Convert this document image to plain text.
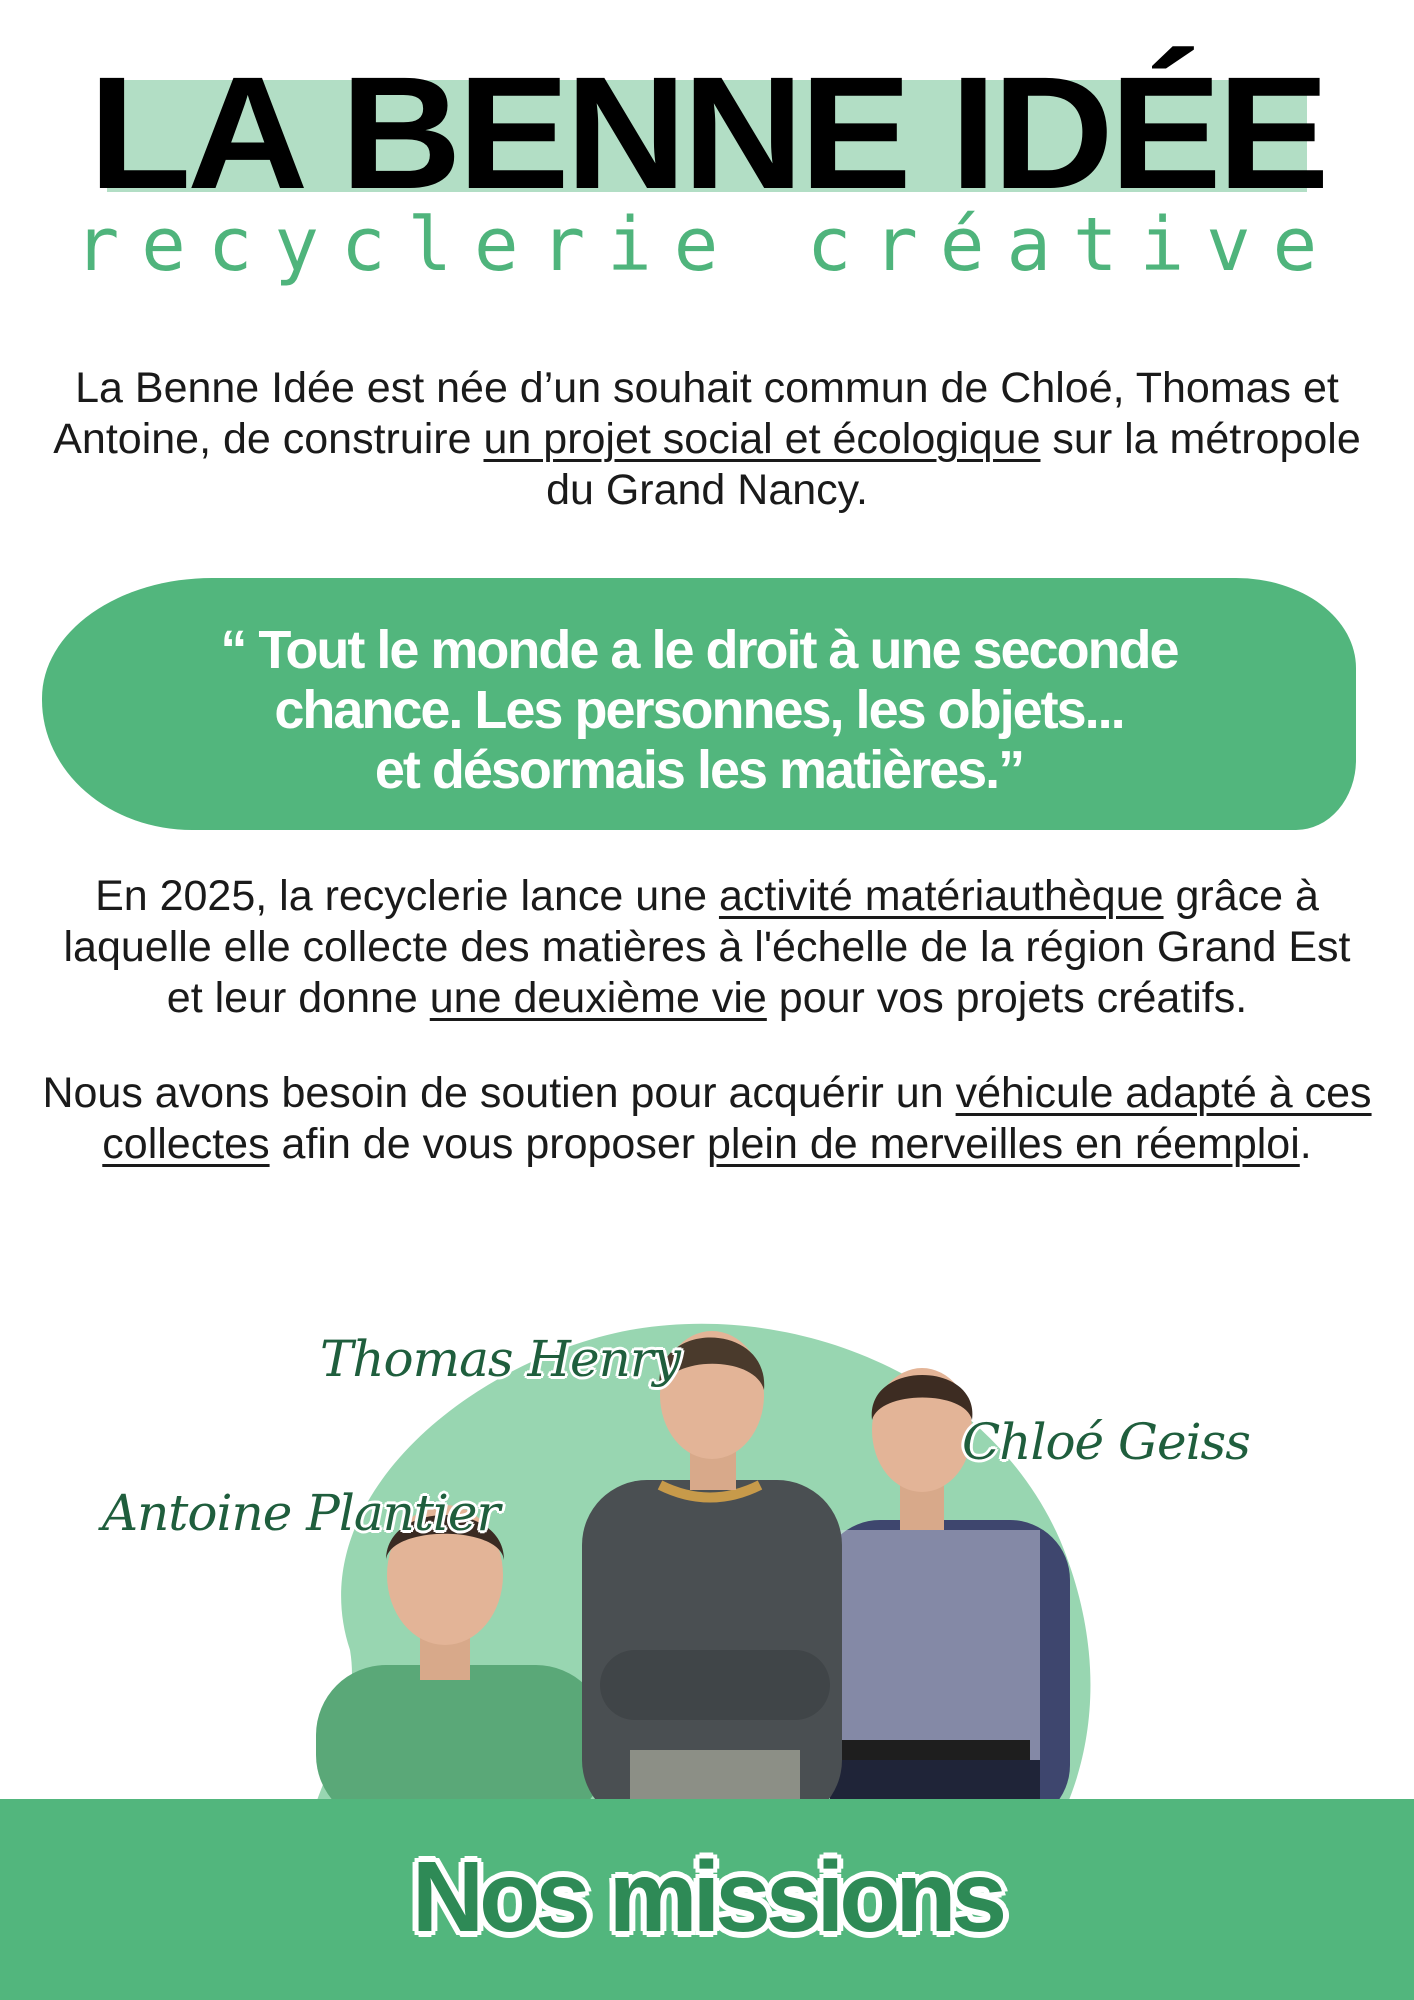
LA BENNE IDÉE
recyclerie créative

La Benne Idée est née d’un souhait commun de Chloé, Thomas et Antoine, de construire un projet social et écologique sur la métropole du Grand Nancy.

“ Tout le monde a le droit à une seconde
chance. Les personnes, les objets...
et désormais les matières.”

En 2025, la recyclerie lance une activité matériauthèque grâce à laquelle elle collecte des matières à l'échelle de la région Grand Est et leur donne une deuxième vie pour vos projets créatifs.

Nous avons besoin de soutien pour acquérir un véhicule adapté à ces collectes afin de vous proposer plein de merveilles en réemploi.

Thomas Henry
Chloé Geiss
Antoine Plantier
Nos missions
